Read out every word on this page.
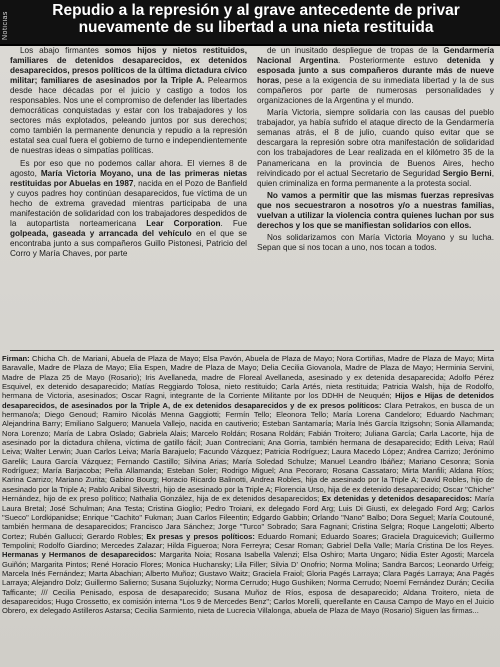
Noticias
Repudio a la represión y al grave antecedente de privar
nuevamente de su libertad a una nieta restituida

Los abajo firmantes somos hijos y nietos restituidos, familiares de detenidos desaparecidos, ex detenidos desaparecidos, presos políticos de la última dictadura cívico militar; familiares de asesinados por la Triple A. Pelearmos desde hace décadas por el juicio y castigo a todos los responsables. Nos une el compromiso de defender las libertades democráticas conquistadas y estar con los trabajadores y los sectores más explotados, peleando juntos por sus derechos; como también la permanente denuncia y repudio a la represión estatal sea cual fuera el gobierno de turno e independientemente de nuestras ideas o simpatías políticas.

Es por eso que no podemos callar ahora. El viernes 8 de agosto, María Victoria Moyano, una de las primeras nietas restituidas por Abuelas en 1987, nacida en el Pozo de Banfield y cuyos padres hoy continúan desaparecidos, fue víctima de un hecho de extrema gravedad mientras participaba de una manifestación de solidaridad con los trabajadores despedidos de la autopartista norteamericana Lear Corporation. Fue golpeada, gaseada y arrancada del vehículo en el que se encontraba junto a sus compañeros Guillo Pistonesi, Patricio del Corro y María Chaves, por parte

de un inusitado despliegue de tropas de la Gendarmería Nacional Argentina. Posteriormente estuvo detenida y esposada junto a sus compañeros durante más de nueve horas, pese a la exigencia de su inmediata libertad y la de sus compañeros por parte de numerosas personalidades y organizaciones de la Argentina y el mundo.

María Victoria, siempre solidaria con las causas del pueblo trabajador, ya había sufrido el ataque directo de la Gendarmería semanas atrás, el 8 de julio, cuando quiso evitar que se descargara la represión sobre otra manifestación de solidaridad con los trabajadores de Lear realizada en el kilómetro 35 de la Panamericana en la provincia de Buenos Aires, hecho reivindicado por el actual Secretario de Seguridad Sergio Berni, quien criminaliza en forma permanente a la protesta social.

No vamos a permitir que las mismas fuerzas represivas que nos secuestraron a nosotros y/o a nuestras familias, vuelvan a utilizar la violencia contra quienes luchan por sus derechos y los que se manifiestan solidarios con ellos.

Nos solidarizamos con María Victoria Moyano y su lucha. Sepan que si nos tocan a uno, nos tocan a todos.

Firman: Chicha Ch. de Mariani, Abuela de Plaza de Mayo; Elsa Pavón, Abuela de Plaza de Mayo; Nora Cortiñas, Madre de Plaza de Mayo; Mirta Baravalle, Madre de Plaza de Mayo; Elia Espen, Madre de Plaza de Mayo; Delia Cecilia Giovanola, Madre de Plaza de Mayo; Herminia Servini, Madre de Plaza 25 de Mayo (Rosario); Iris Avellaneda, madre de Floreal Avellaneda, asesinado y ex detenida desaparecida; Adolfo Pérez Esquivel, ex detenido desaparecido; Matías Reggiardo Tolosa, nieto restituido; Carla Artés, nieta restituida; Patricia Walsh, hija de Rodolfo, hermana de Victoria, asesinados; Oscar Ragni, integrante de la Corriente Militante por los DDHH de Neuquén; Hijos e Hijas de detenidos desaparecidos, de asesinados por la Triple A, de ex detenidos desaparecidos y de ex presos políticos: Clara Petrakos, en busca de un hermano/a; Diego Genoud; Ramiro Nicolás Menna Gaggiotti; Fermín Tello; Eleonora Tello; María Lorena Candeloro; Eduardo Nachman; Alejandrina Barry; Emiliano Salguero; Manuela Vallejo, nacida en cautiverio; Esteban Santamaría; María Inés García Itzigsohn; Sonia Allamanda; Nora Lorenzo; María de Labra Oslado; Gabriela Alais; Marcelo Roldán; Rosana Roldán; Fabián Troitero; Juliana García; Carla Lacorte, hija de asesinado por la dictadura chilena, víctima de gatillo fácil; Juan Contreciani; Ana Gorria, también hermana de desaparecido; Edith Leiva; Raúl Leiva; Walter Lerwin; Juan Carlos Leiva; María Barajuelo; Facundo Vázquez; Patricia Rodríguez; Laura Macedo López; Andrea Carrizo; Jerónimo Garelik; Laura García Vázquez; Fernando Castillo; Silvina Arias; María Soledad Schulze; Manuel Leandro Ibáñez; Mariano Cesonra; Sonia Rodríguez; María Barjacoba; Peña Allamanda; Esteban Soler; Rodrigo Miguel; Ana Pecoraro; Rosana Cassataro; Mirta Manfili; Aldana Ríos; Karina Carrizo; Mariano Zurita; Gabino Bourg; Horacio Ricardo Balinotti, Andrea Robles, hija de asesinado por la Triple A; David Robles, hijo de asesinado por la Triple A; Pablo Anibal Silvestri, hijo de asesinado por la Triple A; Florencia Urso, hija de ex detenido desaparecido; Oscar "Chiche" Hernández, hijo de ex preso político; Nathalia González, hija de ex detenidos desaparecidos; Ex detenidas y detenidos desaparecidos: María Laura Bretal; José Schulman; Ana Testa; Cristina Gioglio; Pedro Troiani, ex delegado Ford Arg; Luis Di Giusti, ex delegado Ford Arg; Carlos "Sueco" Lordkipanidse; Enrique "Cachito" Fukman; Juan Carlos Fileentin; Edgardo Gabbin; Orlando "Nano" Balbo; Dora Seguel; María Coutouné, también hermana de desaparecidos; Francisco Jara Sánchez; Jorge "Turco" Sobrado; Sara Fagnani; Cristina Selgra; Roque Langelotti; Alberto Cortez; Rubén Gallucci; Gerardo Robles; Ex presas y presos políticos: Eduardo Romani; Eduardo Soares; Graciela Draguicevich; Guillermo Tempolini; Rodolfo Giardino; Mercedes Zalazar; Hilda Figueroa; Nora Ferreyra; Cesar Roman; Gabriel Della Valle; María Cristina De los Reyes. Hermanas y Hermanos de desaparecidos: Margarita Noia; Rosana Isabella Valenzi; Elsa Oshiro; Marta Ungaro; Nidia Ester Agosti; Marcela Guiñón; Margarita Pintos; René Horacio Flores; Monica Huchansky; Lila Filler; Silvia D' Onofrio; Norma Molina; Sandra Barcos; Leonardo Urfeig; Marcela Inés Fernández; Marta Abachian; Alberto Muñoz; Gustavo Waitz; Graciela Fraiol; Gloria Pagés Larraya; Clara Pagés Larraya; Ana Pagés Larraya; Alejandro Dolz; Guillermo Salierno; Susana Sujoluzky; Norma Cerrudo; Hugo Gushiken; Norma Cerrudo; Noemí Fernández Durán; Cecilia Tafficante; /// Cecilia Penisado, esposa de desaparecido; Susana Muñoz de Ríos, esposa de desaparecido; Aldana Troitero, nieta de desaparecidos; Hugo Crossetto, ex comisión interna "Los 9 de Mercedes Benz"; Carlos Morelli, querellante en Causa Campo de Mayo en el Juicio Obrero, ex delegado Astilleros Astarsa; Cecilia Sarmiento, nieta de Lucrecia Villalonga, abuela de Plaza de Mayo (Rosario) Siguen las firmas...
